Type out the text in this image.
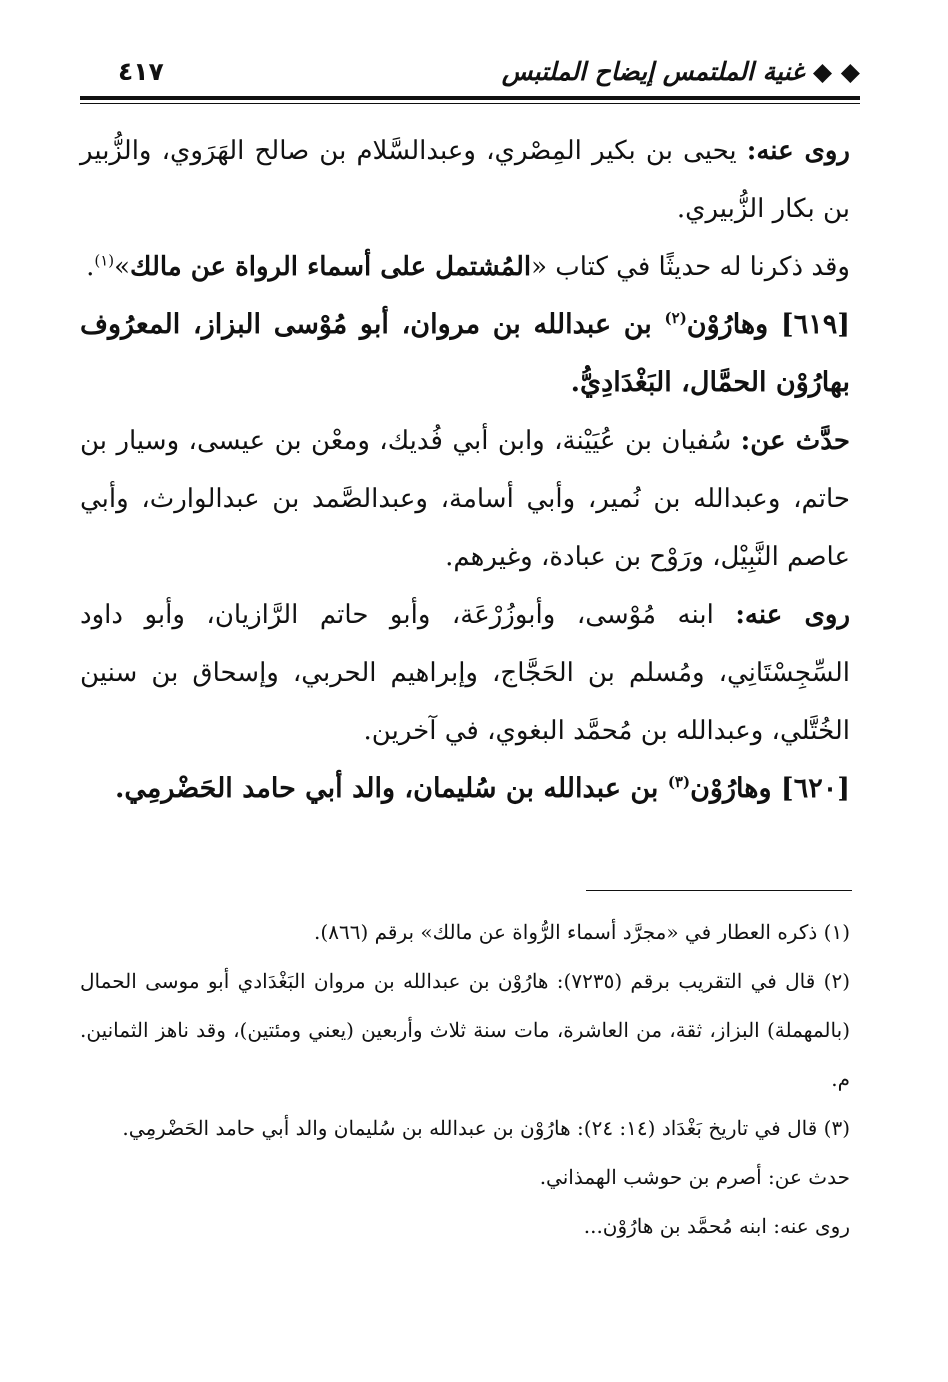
◆ ◆ غنية الملتمس إيضاح الملتبس
٤١٧

روى عنه: يحيى بن بكير المِصْري، وعبدالسَّلام بن صالح الهَرَوي، والزُّبير بن بكار الزُّبيري.

وقد ذكرنا له حديثًا في كتاب «المُشتمل على أسماء الرواة عن مالك»$^{(١)}$.

[٦١٩] وهارُوْن$^{(٢)}$ بن عبدالله بن مروان، أبو مُوْسى البزاز، المعرُوف بهارُوْن الحمَّال، البَغْدَادِيُّ.

حدَّث عن: سُفيان بن عُيَيْنة، وابن أبي فُديك، ومعْن بن عيسى، وسيار بن حاتم، وعبدالله بن نُمير، وأبي أسامة، وعبدالصَّمد بن عبدالوارث، وأبي عاصم النَّبِيْل، ورَوْح بن عبادة، وغيرهم.

روى عنه: ابنه مُوْسى، وأبوزُرْعَة، وأبو حاتم الرَّازيان، وأبو داود السِّجِسْتَانِي، ومُسلم بن الحَجَّاج، وإبراهيم الحربي، وإسحاق بن سنين الخُتَّلي، وعبدالله بن مُحمَّد البغوي، في آخرين.

[٦٢٠] وهارُوْن$^{(٣)}$ بن عبدالله بن سُليمان، والد أبي حامد الحَضْرمِي.

(١) ذكره العطار في «مجرَّد أسماء الرُّواة عن مالك» برقم (٨٦٦).

(٢) قال في التقريب برقم (٧٢٣٥): هارُوْن بن عبدالله بن مروان البَغْدَادي أبو موسى الحمال (بالمهملة) البزاز، ثقة، من العاشرة، مات سنة ثلاث وأربعين (يعني ومئتين)، وقد ناهز الثمانين. م.

(٣) قال في تاريخ بَغْدَاد (١٤: ٢٤): هارُوْن بن عبدالله بن سُليمان والد أبي حامد الحَضْرمِي.

حدث عن: أصرم بن حوشب الهمذاني.

روى عنه: ابنه مُحمَّد بن هارُوْن...
